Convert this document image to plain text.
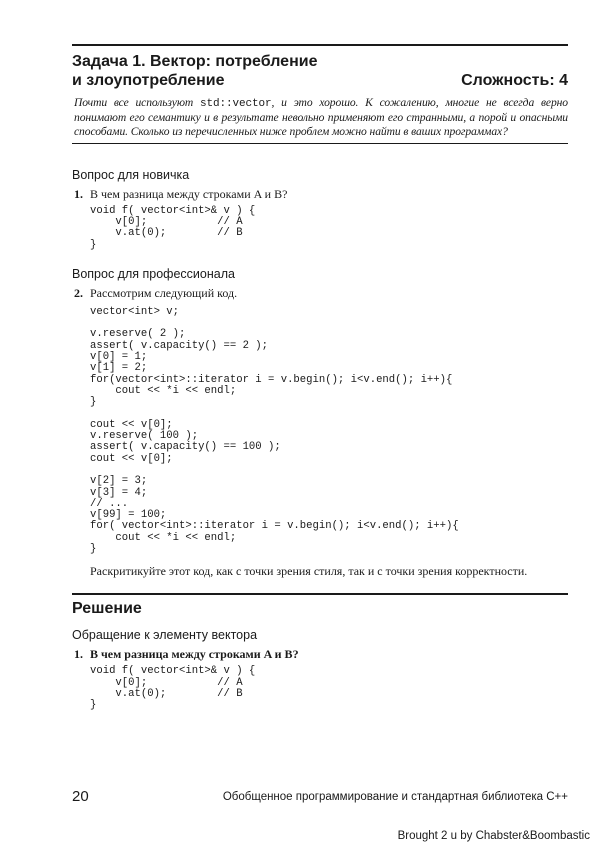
Задача 1. Вектор: потребление
и злоупотребление	Сложность: 4
Почти все используют std::vector, и это хорошо. К сожалению, многие не всегда верно понимают его семантику и в результате невольно применяют его странными, а порой и опасными способами. Сколько из перечисленных ниже проблем можно найти в ваших программах?
Вопрос для новичка
1. В чем разница между строками A и B?
void f( vector<int>& v ) {
v[0];           // A
v.at(0);        // B
}
Вопрос для профессионала
2. Рассмотрим следующий код.
vector<int> v;

v.reserve( 2 );
assert( v.capacity() == 2 );
v[0] = 1;
v[1] = 2;
for(vector<int>::iterator i = v.begin(); i<v.end(); i++){
cout << *i << endl;
}

cout << v[0];
v.reserve( 100 );
assert( v.capacity() == 100 );
cout << v[0];

v[2] = 3;
v[3] = 4;
// ...
v[99] = 100;
for( vector<int>::iterator i = v.begin(); i<v.end(); i++){
cout << *i << endl;
}
Раскритикуйте этот код, как с точки зрения стиля, так и с точки зрения корректности.
Решение
Обращение к элементу вектора
1. В чем разница между строками A и B?
void f( vector<int>& v ) {
v[0];           // A
v.at(0);        // B
}
20	Обобщенное программирование и стандартная библиотека С++
Brought 2 u by Chabster&Boombastic
